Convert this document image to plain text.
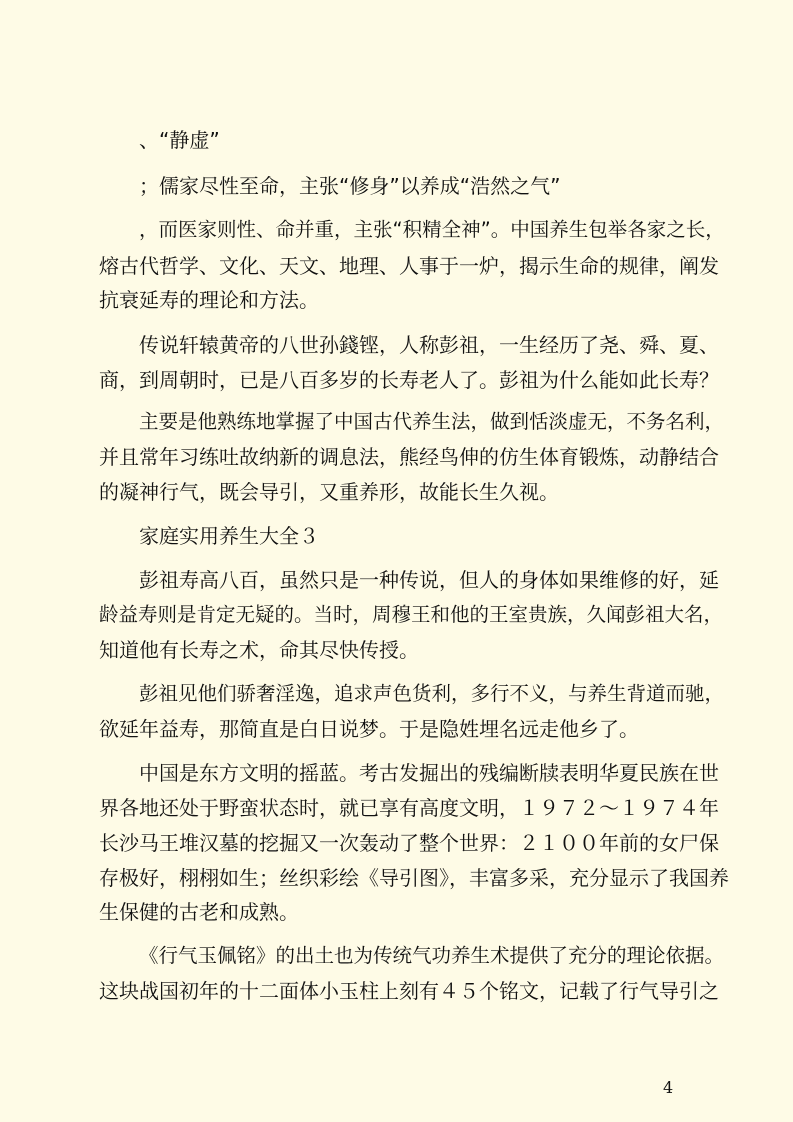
、“静虚”
；儒家尽性至命，主张“修身”以养成“浩然之气”
，而医家则性、命并重，主张“积精全神”。中国养生包举各家之长，
熔古代哲学、文化、天文、地理、人事于一炉，揭示生命的规律，阐发
抗衰延寿的理论和方法。
传说轩辕黄帝的八世孙錢铿，人称彭祖，一生经历了尧、舜、夏、
商，到周朝时，已是八百多岁的长寿老人了。彭祖为什么能如此长寿？
主要是他熟练地掌握了中国古代养生法，做到恬淡虚无，不务名利，
并且常年习练吐故纳新的调息法，熊经鸟伸的仿生体育锻炼，动静结合
的凝神行气，既会导引，又重养形，故能长生久视。
家庭实用养生大全３
彭祖寿高八百，虽然只是一种传说，但人的身体如果维修的好，延
龄益寿则是肯定无疑的。当时，周穆王和他的王室贵族，久闻彭祖大名，
知道他有长寿之术，命其尽快传授。
彭祖见他们骄奢淫逸，追求声色货利，多行不义，与养生背道而驰，
欲延年益寿，那简直是白日说梦。于是隐姓埋名远走他乡了。
中国是东方文明的摇蓝。考古发掘出的残编断牍表明华夏民族在世
界各地还处于野蛮状态时，就已享有高度文明，１９７２～１９７４年
长沙马王堆汉墓的挖掘又一次轰动了整个世界：２１００年前的女尸保
存极好，栩栩如生；丝织彩绘《导引图》，丰富多采，充分显示了我国养
生保健的古老和成熟。
《行气玉佩铭》的出土也为传统气功养生术提供了充分的理论依据。
这块战国初年的十二面体小玉柱上刻有４５个铭文，记载了行气导引之
4
